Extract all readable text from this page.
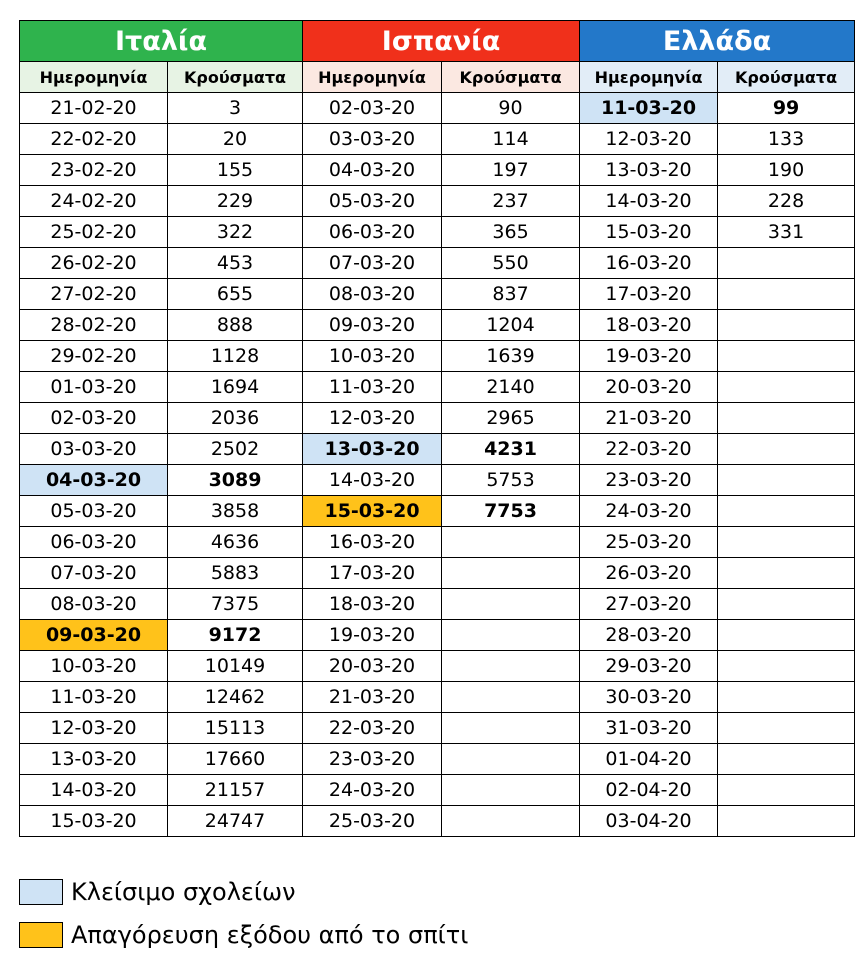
Ιταλία		Ισπανία		Ελλάδα	
Ημερομηνία	Κρούσματα	Ημερομηνία	Κρούσματα	Ημερομηνία	Κρούσματα
21-02-20	3	02-03-20	90	11-03-20	99
22-02-20	20	03-03-20	114	12-03-20	133
23-02-20	155	04-03-20	197	13-03-20	190
24-02-20	229	05-03-20	237	14-03-20	228
25-02-20	322	06-03-20	365	15-03-20	331
26-02-20	453	07-03-20	550	16-03-20	
27-02-20	655	08-03-20	837	17-03-20	
28-02-20	888	09-03-20	1204	18-03-20	
29-02-20	1128	10-03-20	1639	19-03-20	
01-03-20	1694	11-03-20	2140	20-03-20	
02-03-20	2036	12-03-20	2965	21-03-20	
03-03-20	2502	13-03-20	4231	22-03-20	
04-03-20	3089	14-03-20	5753	23-03-20	
05-03-20	3858	15-03-20	7753	24-03-20	
06-03-20	4636	16-03-20		25-03-20	
07-03-20	5883	17-03-20		26-03-20	
08-03-20	7375	18-03-20		27-03-20	
09-03-20	9172	19-03-20		28-03-20	
10-03-20	10149	20-03-20		29-03-20	
11-03-20	12462	21-03-20		30-03-20	
12-03-20	15113	22-03-20		31-03-20	
13-03-20	17660	23-03-20		01-04-20	
14-03-20	21157	24-03-20		02-04-20	
15-03-20	24747	25-03-20		03-04-20	
Κλείσιμο σχολείων
Απαγόρευση εξόδου από το σπίτι
